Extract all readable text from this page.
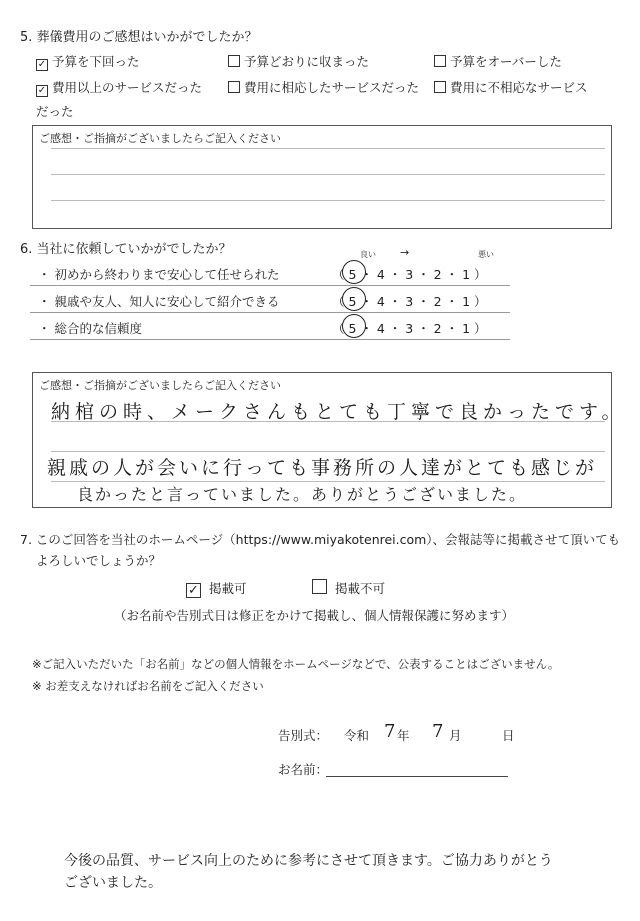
5. 葬儀費用のご感想はいかがでしたか？
✓ 予算を下回った	予算どおりに収まった	予算をオーバーした
✓ 費用以上のサービスだった	費用に相応したサービスだった	費用に不相応なサービス
だった
ご感想・ご指摘がございましたらご記入ください
6. 当社に依頼していかがでしたか？	良い →	悪い
・ 初めから終わりまで安心して任せられた	（ 5 ・ 4 ・ 3 ・ 2 ・ 1 ）
・ 親戚や友人、知人に安心して紹介できる	（ 5 ・ 4 ・ 3 ・ 2 ・ 1 ）
・ 総合的な信頼度	（ 5 ・ 4 ・ 3 ・ 2 ・ 1 ）
ご感想・ご指摘がございましたらご記入ください
納棺の時、メークさんもとても丁寧で良かったです。
親戚の人が会いに行っても事務所の人達がとても感じが
良かったと言っていました。ありがとうございました。
7. このご回答を当社のホームページ（https://www.miyakotenrei.com）、会報誌等に掲載させて頂いても
よろしいでしょうか？
✓ 掲載可	掲載不可
（お名前や告別式日は修正をかけて掲載し、個人情報保護に努めます）
※ご記入いただいた「お名前」などの個人情報をホームページなどで、公表することはございません。
※ お差支えなければお名前をご記入ください
告別式： 令和 7 年 7 月	日
お名前：
今後の品質、サービス向上のために参考にさせて頂きます。ご協力ありがとう
ございました。
